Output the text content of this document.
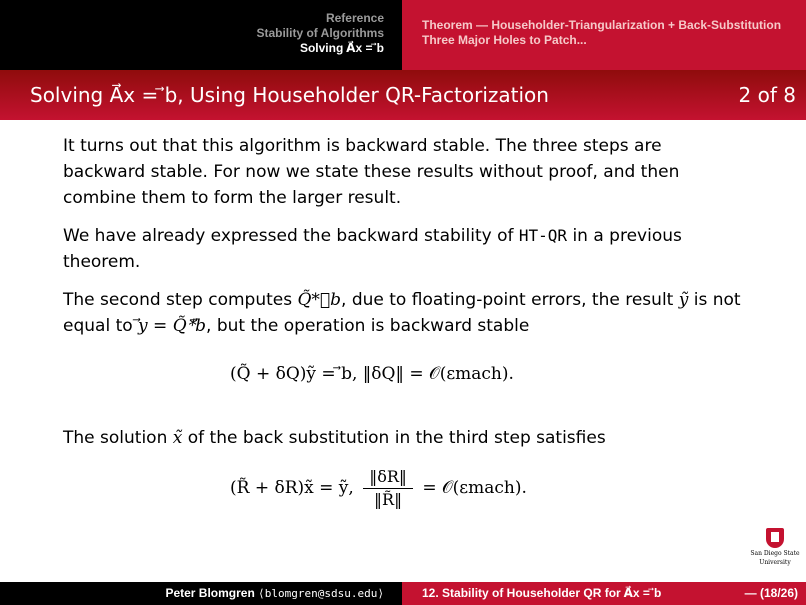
Reference
Stability of Algorithms
Solving A⃗x = ⃗b
Theorem — Householder-Triangularization + Back-Substitution
Three Major Holes to Patch...
Solving A⃗x = ⃗b, Using Householder QR-Factorization	2 of 8

It turns out that this algorithm is backward stable. The three steps are backward stable. For now we state these results without proof, and then combine them to form the larger result.

We have already expressed the backward stability of HT-QR in a previous theorem.

The second step computes Q̃*⃗b, due to floating-point errors, the result ỹ is not equal to ⃗y = Q̃*⃗b, but the operation is backward stable

(Q̃ + δQ)ỹ = ⃗b, ‖δQ‖ = 𝒪(εmach).

The solution x̃ of the back substitution in the third step satisfies

(R̃ + δR)x̃ = ỹ, $\frac{‖\delta R‖}{‖R̃‖}$ = 𝒪(εmach).
San Diego State
University
Peter Blomgren ⟨blomgren@sdsu.edu⟩	12. Stability of Householder QR for A⃗x = ⃗b	— (18/26)
